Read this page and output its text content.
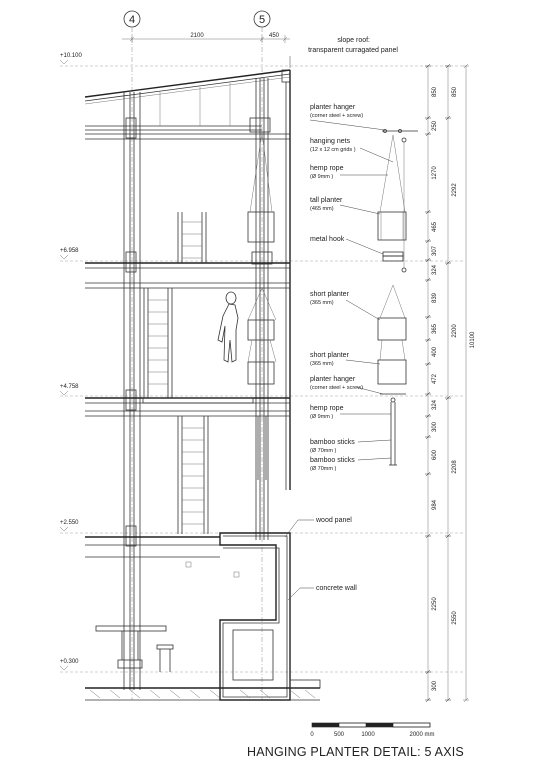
4	5
2100	450
+10.100
+6.958
+4.758
+2.550
+0.300
slope roof:
transparent curragated panel
planter hanger
(corner steel + screw)
hanging nets
(12 x 12 cm grids )
hemp rope
(Ø 9mm )
tall planter
(465 mm)
metal hook
short planter
(365 mm)
short planter
(365 mm)
planter hanger
(corner steel + screw)
hemp rope
(Ø 9mm )
bamboo sticks
(Ø 70mm )
bamboo sticks
(Ø 70mm )
wood panel
concrete wall
850
250
1270
465
307
324
839
365
400
472
324
300
600
984
2250
300
850
2292
2200
2208
2550
10100
0	500	1000	2000 mm
HANGING PLANTER DETAIL: 5 AXIS
